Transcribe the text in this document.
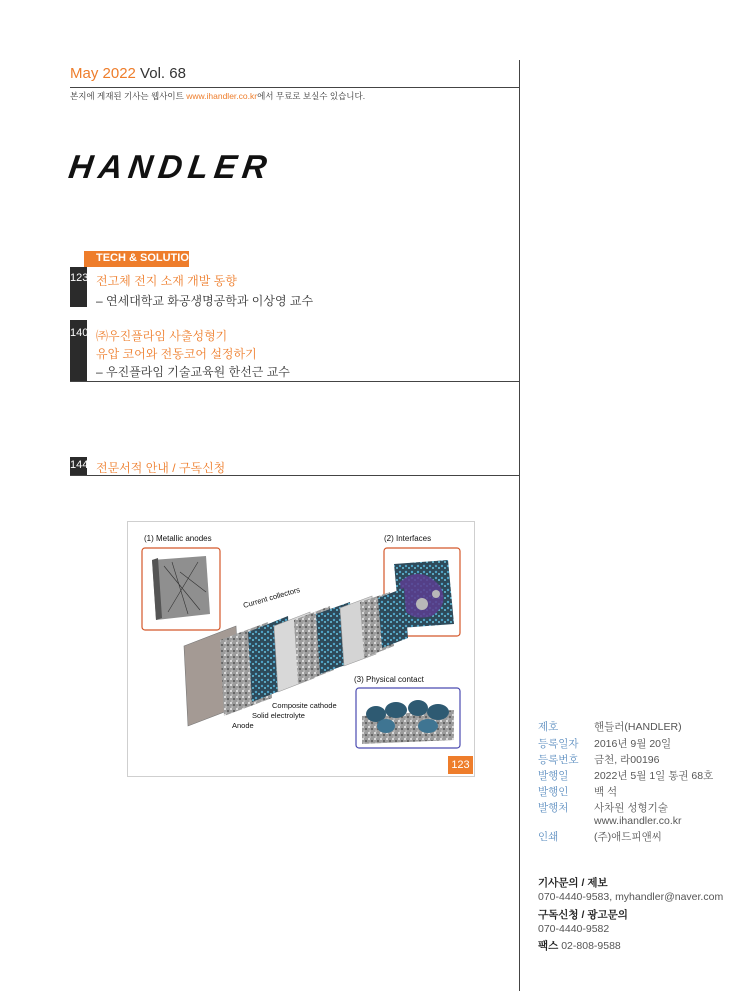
May 2022 Vol. 68
본지에 게재된 기사는 웹사이트 www.ihandler.co.kr에서 무료로 보실수 있습니다.
HANDLER
TECH & SOLUTION
123 전고체 전지 소재 개발 동향
– 연세대학교 화공생명공학과 이상영 교수
140 ㈜우진플라임 사출성형기
유압 코어와 전동코어 설정하기
– 우진플라임 기술교육원 한선근 교수
144 전문서적 안내 / 구독신청
(1) Metallic anodes	(2) Interfaces
(3) Physical contact
Current collectors
Composite cathode
Solid electrolyte
Anode
123
제호	핸들러(HANDLER)
등록일자 2016년 9월 20일
등록번호 금천, 라00196
발행일 2022년 5월 1일 통권 68호
발행인 백 석
발행처 사차원 성형기술
www.ihandler.co.kr
인쇄	(주)애드피앤씨
기사문의 / 제보
070-4440-9583, myhandler@naver.com
구독신청 / 광고문의
070-4440-9582
팩스 02-808-9588
